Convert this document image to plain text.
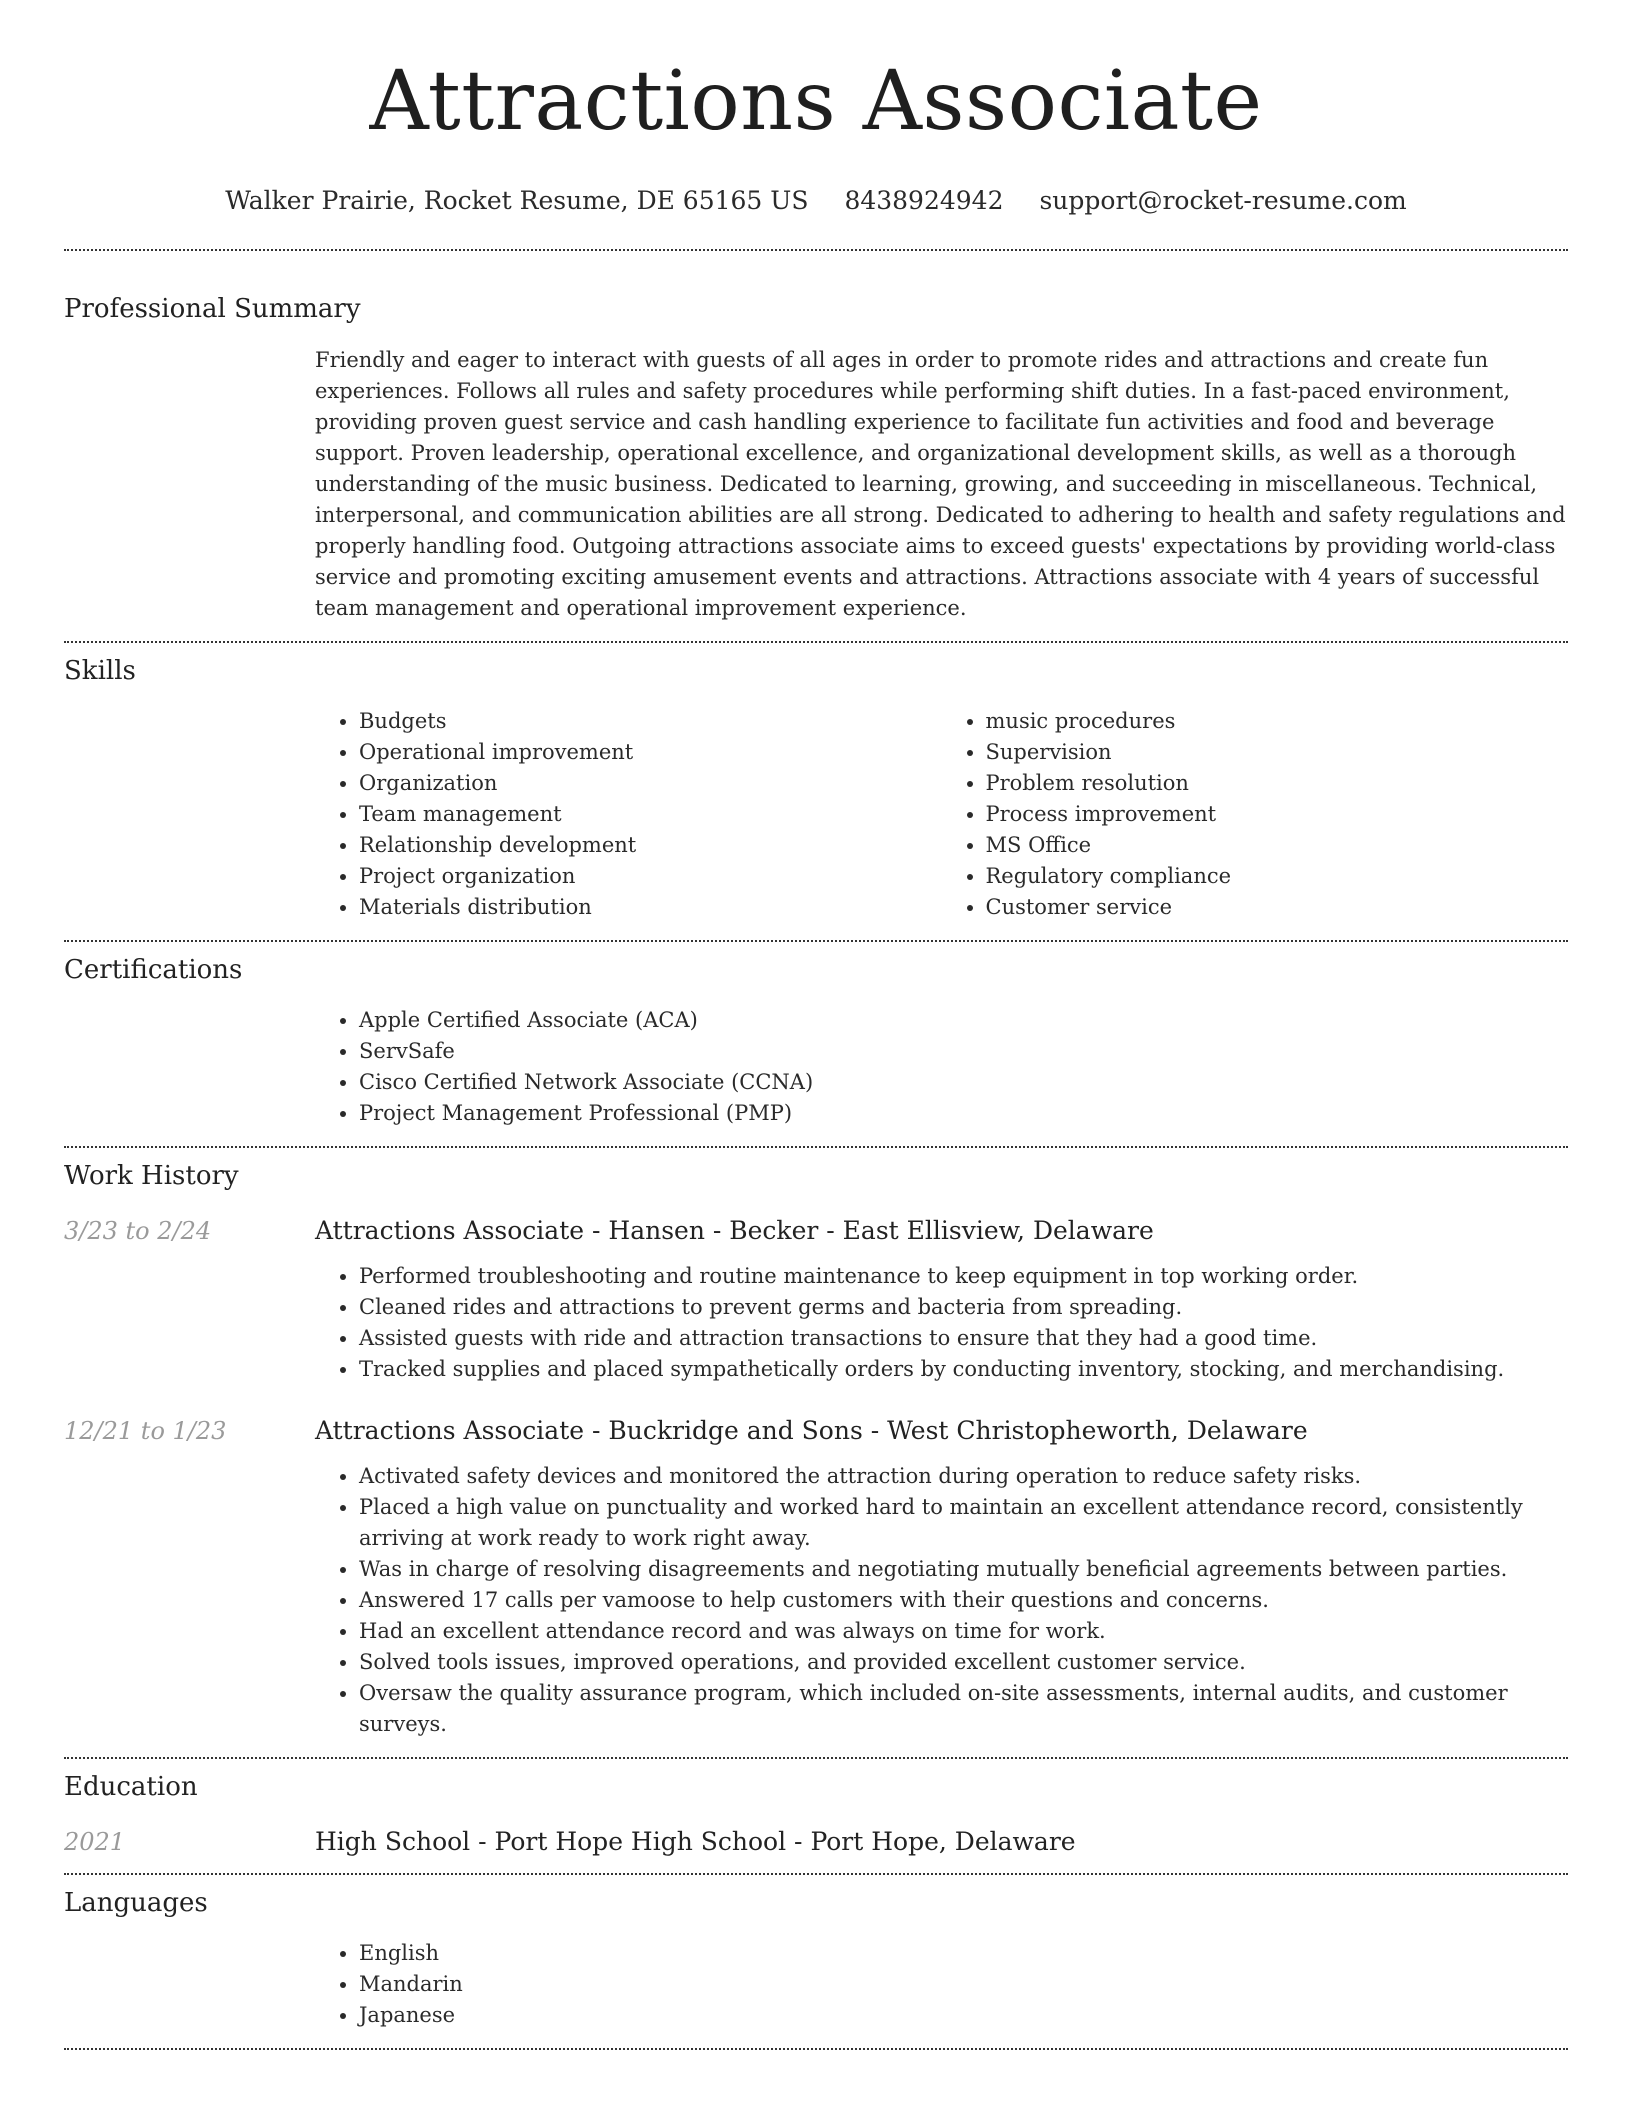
Attractions Associate
Walker Prairie, Rocket Resume, DE 65165 US 8438924942 support@rocket-resume.com
Professional Summary

Friendly and eager to interact with guests of all ages in order to promote rides and attractions and create fun experiences. Follows all rules and safety procedures while performing shift duties. In a fast-paced environment, providing proven guest service and cash handling experience to facilitate fun activities and food and beverage support. Proven leadership, operational excellence, and organizational development skills, as well as a thorough understanding of the music business. Dedicated to learning, growing, and succeeding in miscellaneous. Technical, interpersonal, and communication abilities are all strong. Dedicated to adhering to health and safety regulations and properly handling food. Outgoing attractions associate aims to exceed guests' expectations by providing world-class service and promoting exciting amusement events and attractions. Attractions associate with 4 years of successful team management and operational improvement experience.

Skills
• Budgets
• Operational improvement
• Organization
• Team management
• Relationship development
• Project organization
• Materials distribution
• music procedures
• Supervision
• Problem resolution
• Process improvement
• MS Office
• Regulatory compliance
• Customer service
Certifications
• Apple Certified Associate (ACA)
• ServSafe
• Cisco Certified Network Associate (CCNA)
• Project Management Professional (PMP)
Work History
3/23 to 2/24	Attractions Associate - Hansen - Becker - East Ellisview, Delaware
• Performed troubleshooting and routine maintenance to keep equipment in top working order.
• Cleaned rides and attractions to prevent germs and bacteria from spreading.
• Assisted guests with ride and attraction transactions to ensure that they had a good time.
• Tracked supplies and placed sympathetically orders by conducting inventory, stocking, and merchandising.
12/21 to 1/23	Attractions Associate - Buckridge and Sons - West Christopheworth, Delaware
• Activated safety devices and monitored the attraction during operation to reduce safety risks.
• Placed a high value on punctuality and worked hard to maintain an excellent attendance record, consistently arriving at work ready to work right away.
• Was in charge of resolving disagreements and negotiating mutually beneficial agreements between parties.
• Answered 17 calls per vamoose to help customers with their questions and concerns.
• Had an excellent attendance record and was always on time for work.
• Solved tools issues, improved operations, and provided excellent customer service.
• Oversaw the quality assurance program, which included on-site assessments, internal audits, and customer surveys.
Education
2021	High School - Port Hope High School - Port Hope, Delaware
Languages
• English
• Mandarin
• Japanese
